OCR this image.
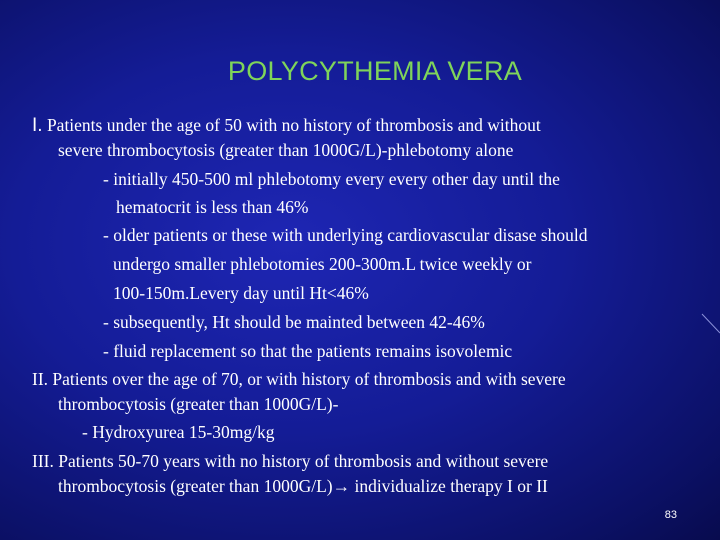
POLYCYTHEMIA VERA
I. Patients under the age of 50 with no history of thrombosis and without
severe thrombocytosis (greater than 1000G/L)-phlebotomy alone
- initially 450-500 ml phlebotomy every every other day until the
hematocrit is less than 46%
- older patients or these with underlying cardiovascular disase should
undergo smaller phlebotomies 200-300m.L twice weekly or
100-150m.Levery day until Ht<46%
- subsequently, Ht should be mainted between 42-46%
- fluid replacement so that the patients remains isovolemic
II. Patients over the age of 70, or with history of thrombosis and with severe
thrombocytosis (greater than 1000G/L)-
- Hydroxyurea 15-30mg/kg
III. Patients 50-70 years with no history of thrombosis and without severe
thrombocytosis (greater than 1000G/L)→ individualize therapy I or II
83
